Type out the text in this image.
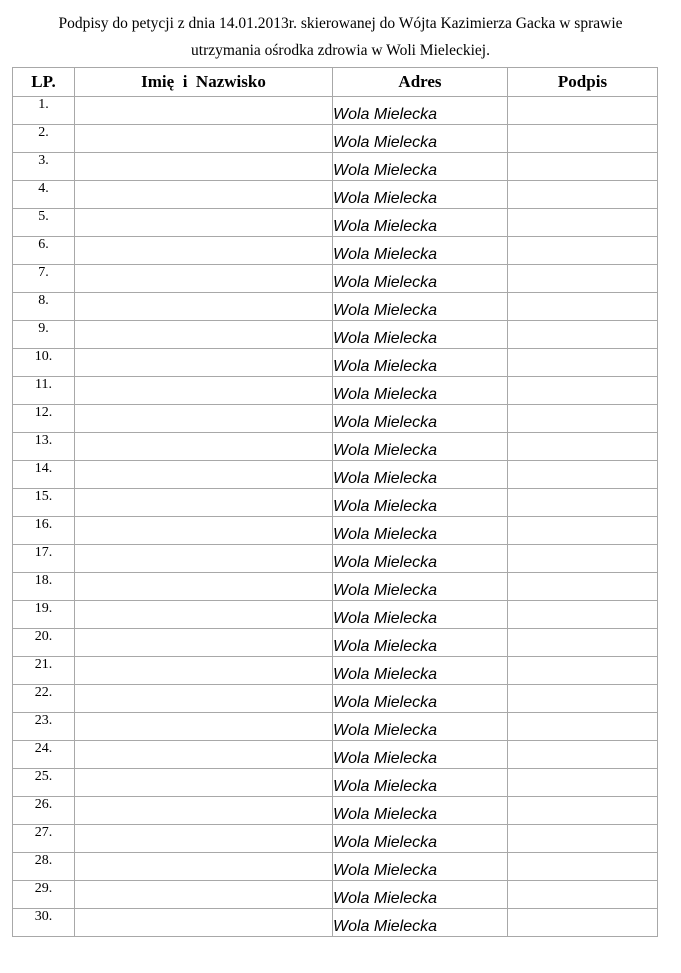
Podpisy do petycji z dnia 14.01.2013r. skierowanej do Wójta Kazimierza Gacka w sprawie
utrzymania ośrodka zdrowia w Woli Mieleckiej.
LP.	Imię  i  Nazwisko	Adres	Podpis
1.		Wola Mielecka	
2.		Wola Mielecka	
3.		Wola Mielecka	
4.		Wola Mielecka	
5.		Wola Mielecka	
6.		Wola Mielecka	
7.		Wola Mielecka	
8.		Wola Mielecka	
9.		Wola Mielecka	
10.		Wola Mielecka	
11.		Wola Mielecka	
12.		Wola Mielecka	
13.		Wola Mielecka	
14.		Wola Mielecka	
15.		Wola Mielecka	
16.		Wola Mielecka	
17.		Wola Mielecka	
18.		Wola Mielecka	
19.		Wola Mielecka	
20.		Wola Mielecka	
21.		Wola Mielecka	
22.		Wola Mielecka	
23.		Wola Mielecka	
24.		Wola Mielecka	
25.		Wola Mielecka	
26.		Wola Mielecka	
27.		Wola Mielecka	
28.		Wola Mielecka	
29.		Wola Mielecka	
30.		Wola Mielecka	
